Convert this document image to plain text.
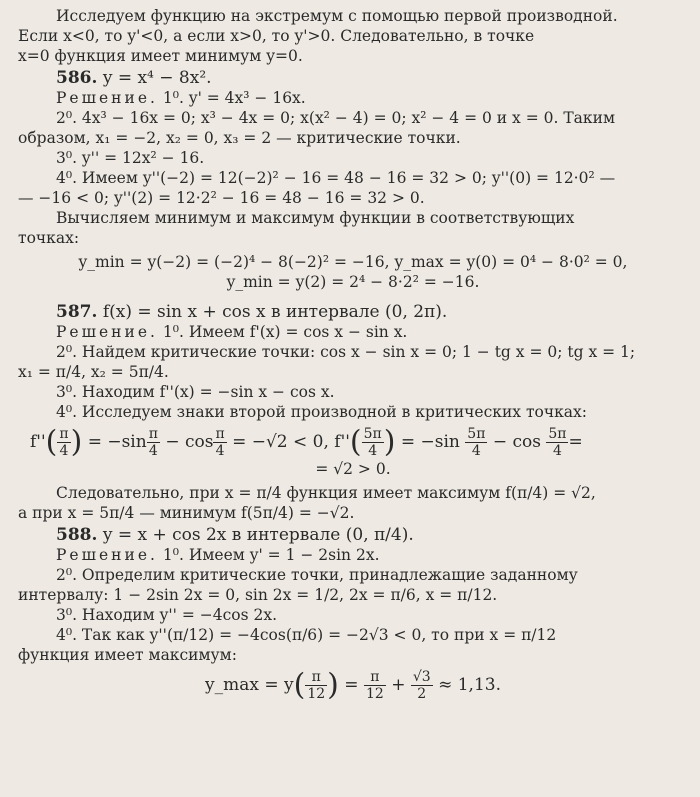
Исследуем функцию на экстремум с помощью первой производной.

Если x<0, то y'<0, а если x>0, то y'>0. Следовательно, в точке

x=0 функция имеет минимум y=0.

586. y = x⁴ − 8x².

Решение. 1⁰. y' = 4x³ − 16x.

2⁰. 4x³ − 16x = 0; x³ − 4x = 0; x(x² − 4) = 0; x² − 4 = 0 и x = 0. Таким

образом, x₁ = −2, x₂ = 0, x₃ = 2 — критические точки.

3⁰. y'' = 12x² − 16.

4⁰. Имеем y''(−2) = 12(−2)² − 16 = 48 − 16 = 32 > 0; y''(0) = 12·0² —

— −16 < 0; y''(2) = 12·2² − 16 = 48 − 16 = 32 > 0.

Вычисляем минимум и максимум функции в соответствующих

точках:

y_min = y(−2) = (−2)⁴ − 8(−2)² = −16, y_max = y(0) = 0⁴ − 8·0² = 0,

y_min = y(2) = 2⁴ − 8·2² = −16.

587. f(x) = sin x + cos x в интервале (0, 2π).

Решение. 1⁰. Имеем f'(x) = cos x − sin x.

2⁰. Найдем критические точки: cos x − sin x = 0; 1 − tg x = 0; tg x = 1;

x₁ = π/4, x₂ = 5π/4.

3⁰. Находим f''(x) = −sin x − cos x.

4⁰. Исследуем знаки второй производной в критических точках:

$f''( \frac{\pi}{4}$ ) = $-\sin \frac{\pi}{4} - \cos \frac{\pi}{4} = -√2 < 0$, $f''( \frac{5\pi}{4}$ ) = $-\sin \frac{5\pi}{4} - \cos \frac{5\pi}{4}$ =

= √2 > 0.

Следовательно, при x = π/4 функция имеет максимум f(π/4) = √2,

а при x = 5π/4 — минимум f(5π/4) = −√2.

588. y = x + cos 2x в интервале (0, π/4).

Решение. 1⁰. Имеем y' = 1 − 2sin 2x.

2⁰. Определим критические точки, принадлежащие заданному

интервалу: 1 − 2sin 2x = 0, sin 2x = 1/2, 2x = π/6, x = π/12.

3⁰. Находим y'' = −4cos 2x.

4⁰. Так как y''(π/12) = −4cos(π/6) = −2√3 < 0, то при x = π/12

функция имеет максимум:

y_max = $y( \frac{\pi}{12}$ ) = $\frac{\pi}{12} + \frac{√3}{2} \approx 1,13$.
